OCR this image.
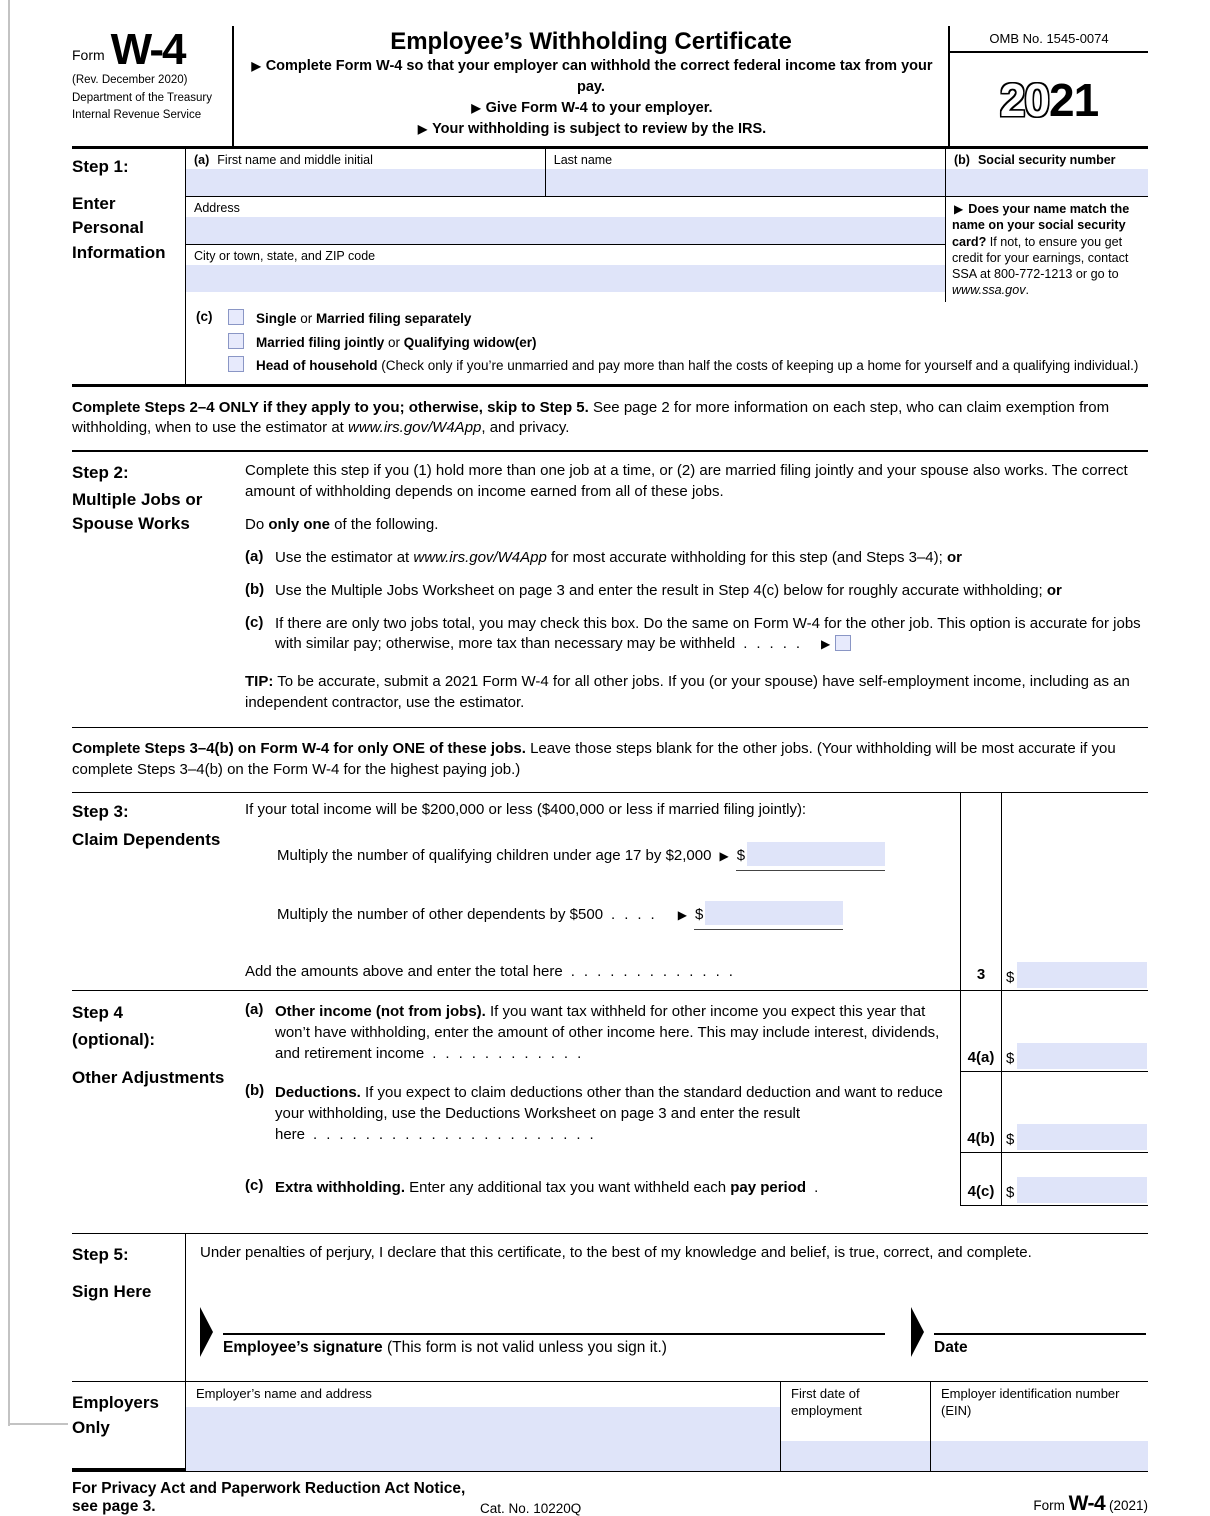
Form W-4
(Rev. December 2020)
Department of the Treasury
Internal Revenue Service
Employee’s Withholding Certificate
▶ Complete Form W-4 so that your employer can withhold the correct federal income tax from your pay.
▶ Give Form W-4 to your employer.
▶ Your withholding is subject to review by the IRS.
OMB No. 1545-0074
20 21
Step 1:
Enter Personal Information
(a) First name and middle initial	Last name
Address
City or town, state, and ZIP code
(b) Social security number
▶ Does your name match the name on your social security card? If not, to ensure you get credit for your earnings, contact SSA at 800-772-1213 or go to www.ssa.gov.
(c)	Single or Married filing separately
Married filing jointly or Qualifying widow(er)
Head of household (Check only if you’re unmarried and pay more than half the costs of keeping up a home for yourself and a qualifying individual.)

Complete Steps 2–4 ONLY if they apply to you; otherwise, skip to Step 5. See page 2 for more information on each step, who can claim exemption from withholding, when to use the estimator at www.irs.gov/W4App, and privacy.

Step 2:
Multiple Jobs or Spouse Works

Complete this step if you (1) hold more than one job at a time, or (2) are married filing jointly and your spouse also works. The correct amount of withholding depends on income earned from all of these jobs.

Do only one of the following.

(a) Use the estimator at www.irs.gov/W4App for most accurate withholding for this step (and Steps 3–4); or
(b) Use the Multiple Jobs Worksheet on page 3 and enter the result in Step 4(c) below for roughly accurate withholding; or
(c) If there are only two jobs total, you may check this box. Do the same on Form W-4 for the other job. This option is accurate for jobs with similar pay; otherwise, more tax than necessary may be withheld .....▶
TIP: To be accurate, submit a 2021 Form W-4 for all other jobs. If you (or your spouse) have self-employment income, including as an independent contractor, use the estimator.

Complete Steps 3–4(b) on Form W-4 for only ONE of these jobs. Leave those steps blank for the other jobs. (Your withholding will be most accurate if you complete Steps 3–4(b) on the Form W-4 for the highest paying job.)

Step 3:
Claim Dependents

If your total income will be $200,000 or less ($400,000 or less if married filing jointly):

Multiply the number of qualifying children under age 17 by $2,000 ▶ $
Multiply the number of other dependents by $500 .... ▶ $
Add the amounts above and enter the total here .............	3	$
Step 4
(optional):
Other Adjustments
(a) Other income (not from jobs). If you want tax withheld for other income you expect this year that won’t have withholding, enter the amount of other income here. This may include interest, dividends, and retirement income ............	4(a) $
(b) Deductions. If you expect to claim deductions other than the standard deduction and want to reduce your withholding, use the Deductions Worksheet on page 3 and enter the result here ......................	4(b) $
(c) Extra withholding. Enter any additional tax you want withheld each pay period .	4(c) $
Step 5:
Sign Here

Under penalties of perjury, I declare that this certificate, to the best of my knowledge and belief, is true, correct, and complete.

Employee’s signature (This form is not valid unless you sign it.)	Date
Employers Only
Employer’s name and address	First date of employment
Employer identification number (EIN)
For Privacy Act and Paperwork Reduction Act Notice, see page 3.	Cat. No. 10220Q	Form W-4 (2021)
